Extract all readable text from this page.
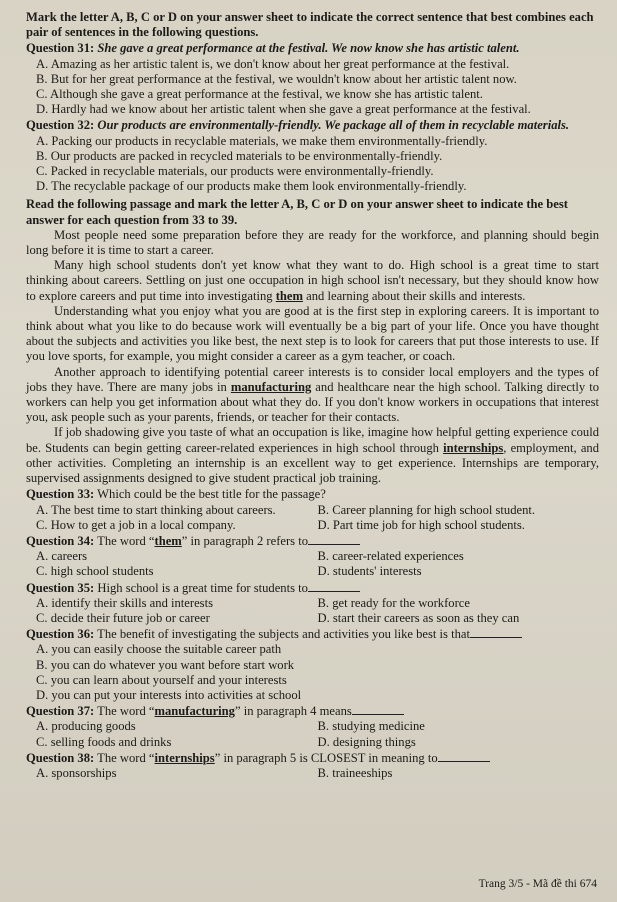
Mark the letter A, B, C or D on your answer sheet to indicate the correct sentence that best combines each pair of sentences in the following questions.
Question 31: She gave a great performance at the festival. We now know she has artistic talent.
A. Amazing as her artistic talent is, we don't know about her great performance at the festival.
B. But for her great performance at the festival, we wouldn't know about her artistic talent now.
C. Although she gave a great performance at the festival, we know she has artistic talent.
D. Hardly had we know about her artistic talent when she gave a great performance at the festival.
Question 32: Our products are environmentally-friendly. We package all of them in recyclable materials.
A. Packing our products in recyclable materials, we make them environmentally-friendly.
B. Our products are packed in recycled materials to be environmentally-friendly.
C. Packed in recyclable materials, our products were environmentally-friendly.
D. The recyclable package of our products make them look environmentally-friendly.
Read the following passage and mark the letter A, B, C or D on your answer sheet to indicate the best answer for each question from 33 to 39.
Most people need some preparation before they are ready for the workforce, and planning should begin long before it is time to start a career.
Many high school students don't yet know what they want to do. High school is a great time to start thinking about careers. Settling on just one occupation in high school isn't necessary, but they should know how to explore careers and put time into investigating them and learning about their skills and interests.
Understanding what you enjoy what you are good at is the first step in exploring careers. It is important to think about what you like to do because work will eventually be a big part of your life. Once you have thought about the subjects and activities you like best, the next step is to look for careers that put those interests to use. If you love sports, for example, you might consider a career as a gym teacher, or coach.
Another approach to identifying potential career interests is to consider local employers and the types of jobs they have. There are many jobs in manufacturing and healthcare near the high school. Talking directly to workers can help you get information about what they do. If you don't know workers in occupations that interest you, ask people such as your parents, friends, or teacher for their contacts.
If job shadowing give you taste of what an occupation is like, imagine how helpful getting experience could be. Students can begin getting career-related experiences in high school through internships, employment, and other activities. Completing an internship is an excellent way to get experience. Internships are temporary, supervised assignments designed to give student practical job training.
Question 33: Which could be the best title for the passage?
A. The best time to start thinking about careers.	B. Career planning for high school student.
C. How to get a job in a local company.	D. Part time job for high school students.
Question 34: The word “them” in paragraph 2 refers to
A. careers	B. career-related experiences
C. high school students	D. students' interests
Question 35: High school is a great time for students to
A. identify their skills and interests	B. get ready for the workforce
C. decide their future job or career	D. start their careers as soon as they can
Question 36: The benefit of investigating the subjects and activities you like best is that
A. you can easily choose the suitable career path
B. you can do whatever you want before start work
C. you can learn about yourself and your interests
D. you can put your interests into activities at school
Question 37: The word “manufacturing” in paragraph 4 means
A. producing goods	B. studying medicine
C. selling foods and drinks	D. designing things
Question 38: The word “internships” in paragraph 5 is CLOSEST in meaning to
A. sponsorships	B. traineeships
Trang 3/5 - Mã đề thi 674
